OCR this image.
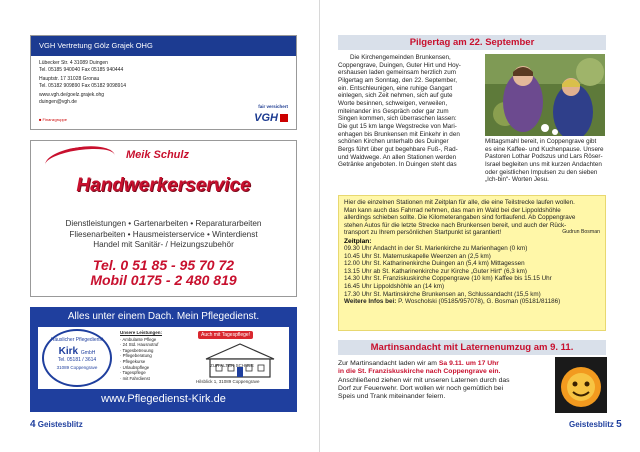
VGH Vertretung Gölz Grajek OHG
Lübecker Str. 4 31089 Duingen
Tel. 05185 940040 Fax 05185 940444
Hauptstr. 17 31028 Gronau
Tel. 05182 909890 Fax 05182 9098914
www.vgh.de/goelz.grajek.ohg
duingen@vgh.de
■ Finanzgruppe
fair versichert
VGH
Meik Schulz
Handwerkerservice
Dienstleistungen • Gartenarbeiten • Reparaturarbeiten
Fliesenarbeiten • Hausmeisterservice • Winterdienst
Handel mit Sanitär- / Heizungszubehör
Tel. 0 51 85 - 95 70 72
Mobil 0175 - 2 480 819
Alles unter einem Dach. Mein Pflegedienst.
Häuslicher Pflegedienst
Kirk GmbH
Tel. 05181 / 3614
31089 Coppengrave
Unsere Leistungen:
· Ambulante Pflege
· 24 Std. Hausnotruf
· Tagesbetreuung
· Pflegeberatung
· Pflegekurse
· Urlaubspflege
· Tagespflege
· mit Fahrdienst
Auch mit Tagespflege!
ZUR ALTEN SCHULE
Hilsblick 1, 31089 Coppengrave
www.Pflegedienst-Kirk.de
4 Geistesblitz
Pilgertag am 22. September
Die Kirchengemeinden Brunkensen,
Coppengrave, Duingen, Guter Hirt und Hoy-
ershausen laden gemeinsam herzlich zum
Pilgertag am Sonntag, den 22. September,
ein. Entschleunigen, eine ruhige Gangart
einlegen, sich Zeit nehmen, sich auf gute
Worte besinnen, schweigen, verweilen,
miteinander ins Gespräch oder gar zum
Singen kommen, sich überraschen lassen:
Die gut 15 km lange Wegstrecke von Mari-
enhagen bis Brunkensen mit Einkehr in den
schönen Kirchen unterhalb des Duinger
Bergs führt über gut begehbare Fuß-, Rad-
und Waldwege. An allen Stationen werden
Getränke angeboten. In Duingen steht das
Mittagsmahl bereit, in Coppengrave gibt
es eine Kaffee- und Kuchenpause. Unsere
Pastoren Lothar Podszus und Lars Röser-
Israel begleiten uns mit kurzen Andachten
oder geistlichen Impulsen zu den sieben
„Ich-bin“- Worten Jesu.
Hier die einzelnen Stationen mit Zeitplan für alle, die eine Teilstrecke laufen wollen.
Man kann auch das Fahrrad nehmen, das man im Wald bei der Lippoldshöhle
allerdings schieben sollte. Die Kilometerangaben sind fortlaufend. Ab Coppengrave
stehen Autos für die letzte Strecke nach Brunkensen bereit, und auch der Rück-
transport zu Ihrem persönlichen Startpunkt ist garantiert!	Gudrun Bosman
Zeitplan:
09.30 Uhr Andacht in der St. Marienkirche zu Marienhagen (0 km)
10.45 Uhr St. Maternuskapelle Weenzen an (2,5 km)
12.00 Uhr St. Katharinenkirche Duingen an (5,4 km) Mittagessen
13.15 Uhr ab St. Katharinenkirche zur Kirche „Guter Hirt“ (6,3 km)
14.30 Uhr St. Franziskuskirche Coppengrave (10 km) Kaffee bis 15.15 Uhr
16.45 Uhr Lippoldshöhle an (14 km)
17.30 Uhr St. Martinskirche Brunkensen an, Schlussandacht (15,5 km)
Weitere Infos bei: P. Woscholski (05185/957078), G. Bosman (05181/81186)
Martinsandacht mit Laternenumzug am 9. 11.
Zur Martinsandacht laden wir am Sa 9.11. um 17 Uhr
in die St. Franziskuskirche nach Coppengrave ein.
Anschließend ziehen wir mit unseren Laternen durch das
Dorf zur Feuerwehr. Dort wollen wir noch gemütlich bei
Speis und Trank miteinander feiern.
Geistesblitz 5
